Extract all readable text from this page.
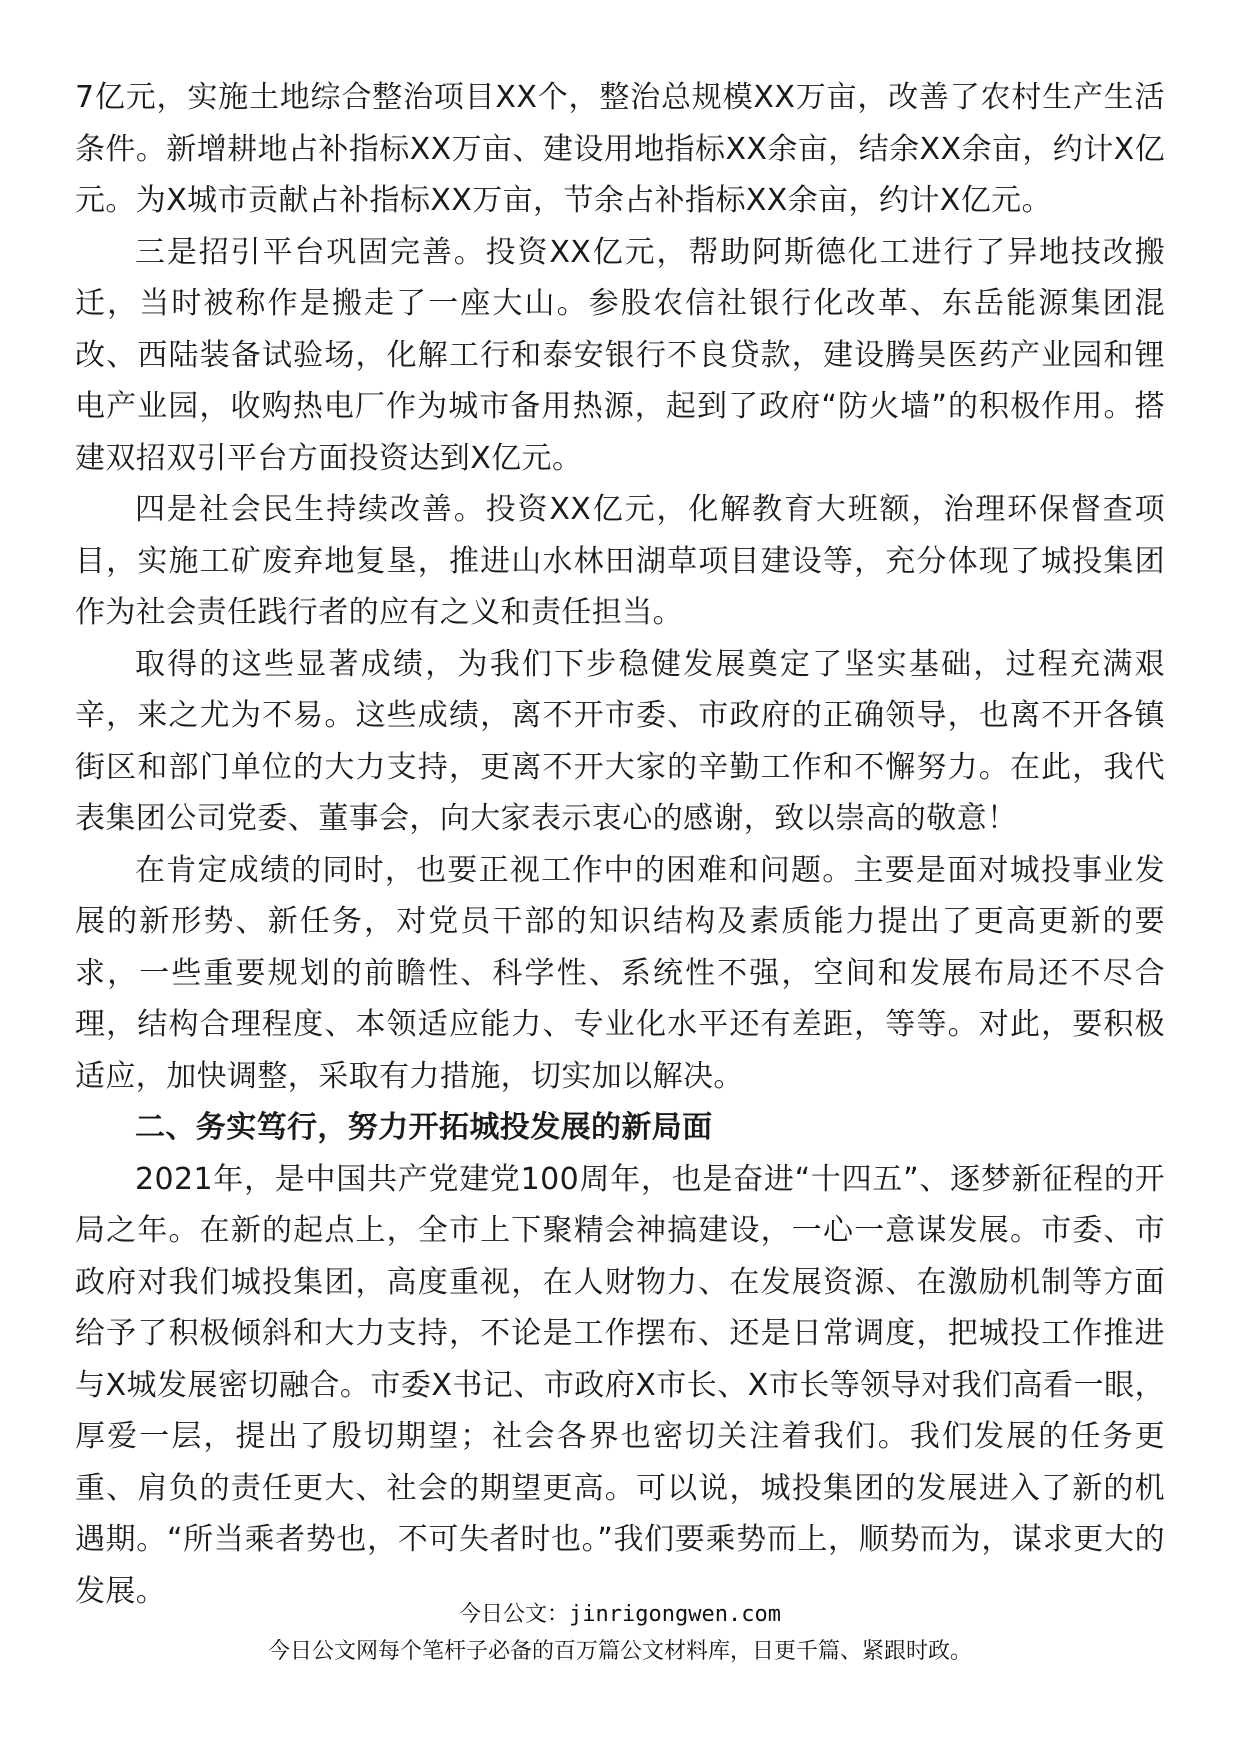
7亿元，实施土地综合整治项目XX个，整治总规模XX万亩，改善了农村生产生活条件。新增耕地占补指标XX万亩、建设用地指标XX余亩，结余XX余亩，约计X亿元。为X城市贡献占补指标XX万亩，节余占补指标XX余亩，约计X亿元。

三是招引平台巩固完善。投资XX亿元，帮助阿斯德化工进行了异地技改搬迁，当时被称作是搬走了一座大山。参股农信社银行化改革、东岳能源集团混改、西陆装备试验场，化解工行和泰安银行不良贷款，建设腾昊医药产业园和锂电产业园，收购热电厂作为城市备用热源，起到了政府“防火墙”的积极作用。搭建双招双引平台方面投资达到X亿元。

四是社会民生持续改善。投资XX亿元，化解教育大班额，治理环保督查项目，实施工矿废弃地复垦，推进山水林田湖草项目建设等，充分体现了城投集团作为社会责任践行者的应有之义和责任担当。

取得的这些显著成绩，为我们下步稳健发展奠定了坚实基础，过程充满艰辛，来之尤为不易。这些成绩，离不开市委、市政府的正确领导，也离不开各镇街区和部门单位的大力支持，更离不开大家的辛勤工作和不懈努力。在此，我代表集团公司党委、董事会，向大家表示衷心的感谢，致以崇高的敬意！

在肯定成绩的同时，也要正视工作中的困难和问题。主要是面对城投事业发展的新形势、新任务，对党员干部的知识结构及素质能力提出了更高更新的要求，一些重要规划的前瞻性、科学性、系统性不强，空间和发展布局还不尽合理，结构合理程度、本领适应能力、专业化水平还有差距，等等。对此，要积极适应，加快调整，采取有力措施，切实加以解决。

二、务实笃行，努力开拓城投发展的新局面

2021年，是中国共产党建党100周年，也是奋进“十四五”、逐梦新征程的开局之年。在新的起点上，全市上下聚精会神搞建设，一心一意谋发展。市委、市政府对我们城投集团，高度重视，在人财物力、在发展资源、在激励机制等方面给予了积极倾斜和大力支持，不论是工作摆布、还是日常调度，把城投工作推进与X城发展密切融合。市委X书记、市政府X市长、X市长等领导对我们高看一眼，厚爱一层，提出了殷切期望；社会各界也密切关注着我们。我们发展的任务更重、肩负的责任更大、社会的期望更高。可以说，城投集团的发展进入了新的机遇期。“所当乘者势也，不可失者时也。”我们要乘势而上，顺势而为，谋求更大的发展。

今日公文：jinrigongwen.com
今日公文网每个笔杆子必备的百万篇公文材料库，日更千篇、紧跟时政。
